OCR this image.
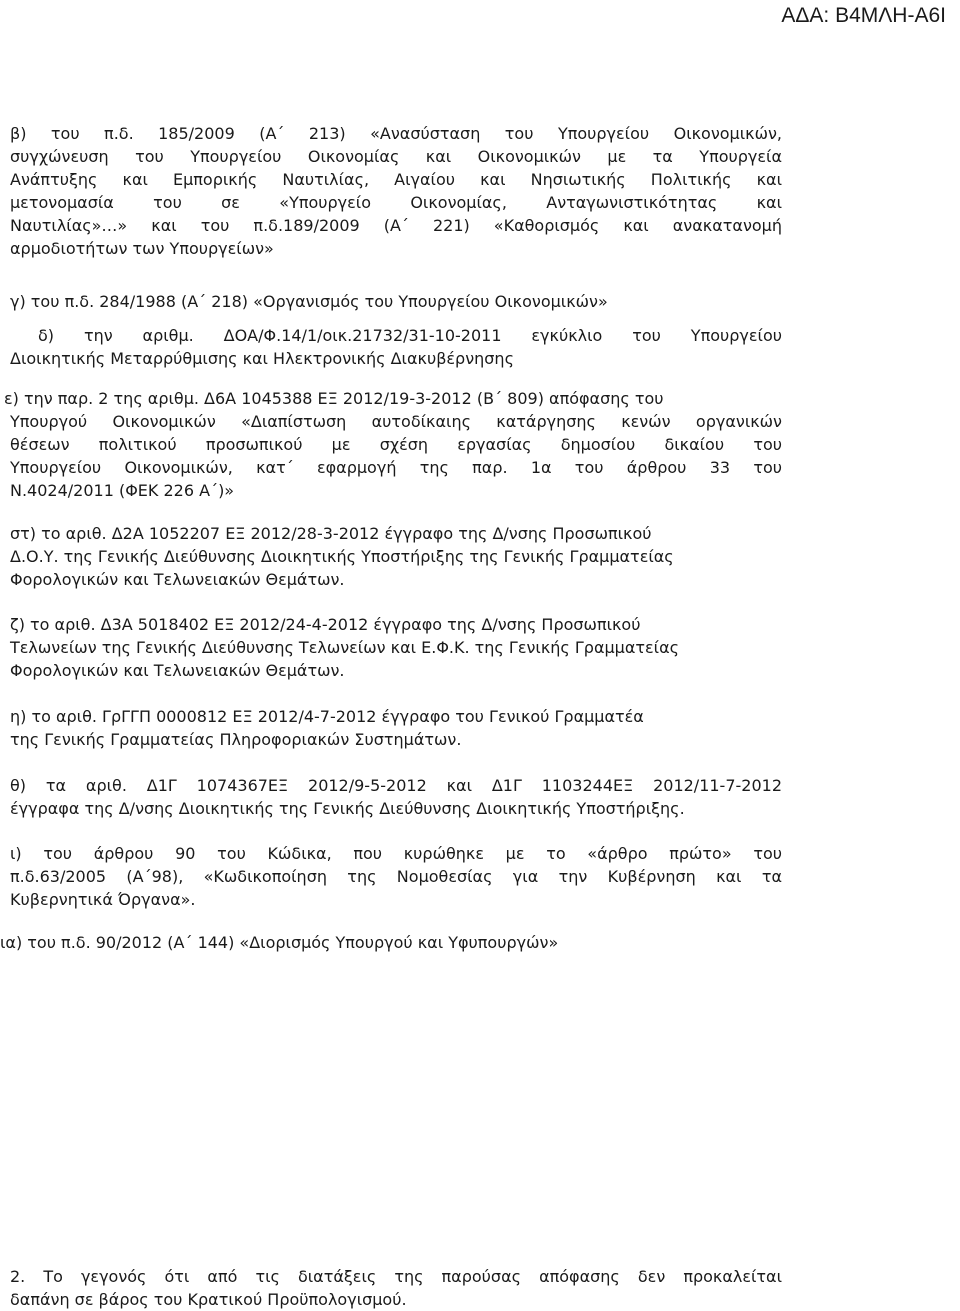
ΑΔΑ: Β4ΜΛΗ-Α6Ι
β) του π.δ. 185/2009 (Α΄ 213) «Ανασύσταση του Υπουργείου Οικονομικών,
συγχώνευση του Υπουργείου Οικονομίας και Οικονομικών με τα Υπουργεία
Ανάπτυξης και Εμπορικής Ναυτιλίας, Αιγαίου και Νησιωτικής Πολιτικής και
μετονομασία του σε «Υπουργείο Οικονομίας, Ανταγωνιστικότητας και
Ναυτιλίας»…» και του π.δ.189/2009 (Α΄ 221) «Καθορισμός και ανακατανομή
αρμοδιοτήτων των Υπουργείων»
γ) του π.δ. 284/1988 (Α΄ 218) «Οργανισμός του Υπουργείου Οικονομικών»
δ) την αριθμ. ΔΟΑ/Φ.14/1/οικ.21732/31-10-2011 εγκύκλιο του Υπουργείου
Διοικητικής Μεταρρύθμισης και Ηλεκτρονικής Διακυβέρνησης
ε) την παρ. 2 της αριθμ. Δ6Α 1045388 ΕΞ 2012/19-3-2012 (Β΄ 809) απόφασης του
Υπουργού Οικονομικών «Διαπίστωση αυτοδίκαιης κατάργησης κενών οργανικών
θέσεων πολιτικού προσωπικού με σχέση εργασίας δημοσίου δικαίου του
Υπουργείου Οικονομικών, κατ΄ εφαρμογή της παρ. 1α του άρθρου 33 του
Ν.4024/2011 (ΦΕΚ 226 Α΄)»
στ) το αριθ. Δ2Α 1052207 ΕΞ 2012/28-3-2012 έγγραφο της Δ/νσης Προσωπικού
Δ.Ο.Υ. της Γενικής Διεύθυνσης Διοικητικής Υποστήριξης της Γενικής Γραμματείας
Φορολογικών και Τελωνειακών Θεμάτων.
ζ) το αριθ. Δ3Α 5018402 ΕΞ 2012/24-4-2012 έγγραφο της Δ/νσης Προσωπικού
Τελωνείων της Γενικής Διεύθυνσης Τελωνείων και Ε.Φ.Κ. της Γενικής Γραμματείας
Φορολογικών και Τελωνειακών Θεμάτων.
η) το αριθ. ΓρΓΓΠ 0000812 ΕΞ 2012/4-7-2012 έγγραφο του Γενικού Γραμματέα
της Γενικής Γραμματείας Πληροφοριακών Συστημάτων.
θ) τα αριθ. Δ1Γ 1074367ΕΞ 2012/9-5-2012 και Δ1Γ 1103244ΕΞ 2012/11-7-2012
έγγραφα της Δ/νσης Διοικητικής της Γενικής Διεύθυνσης Διοικητικής Υποστήριξης.
ι) του άρθρου 90 του Κώδικα, που κυρώθηκε με το «άρθρο πρώτο» του
π.δ.63/2005 (Α΄98), «Κωδικοποίηση της Νομοθεσίας για την Κυβέρνηση και τα
Κυβερνητικά Όργανα».
ια) του π.δ. 90/2012 (Α΄ 144) «Διορισμός Υπουργού και Υφυπουργών»
2. Το γεγονός ότι από τις διατάξεις της παρούσας απόφασης δεν προκαλείται
δαπάνη σε βάρος του Κρατικού Προϋπολογισμού.
